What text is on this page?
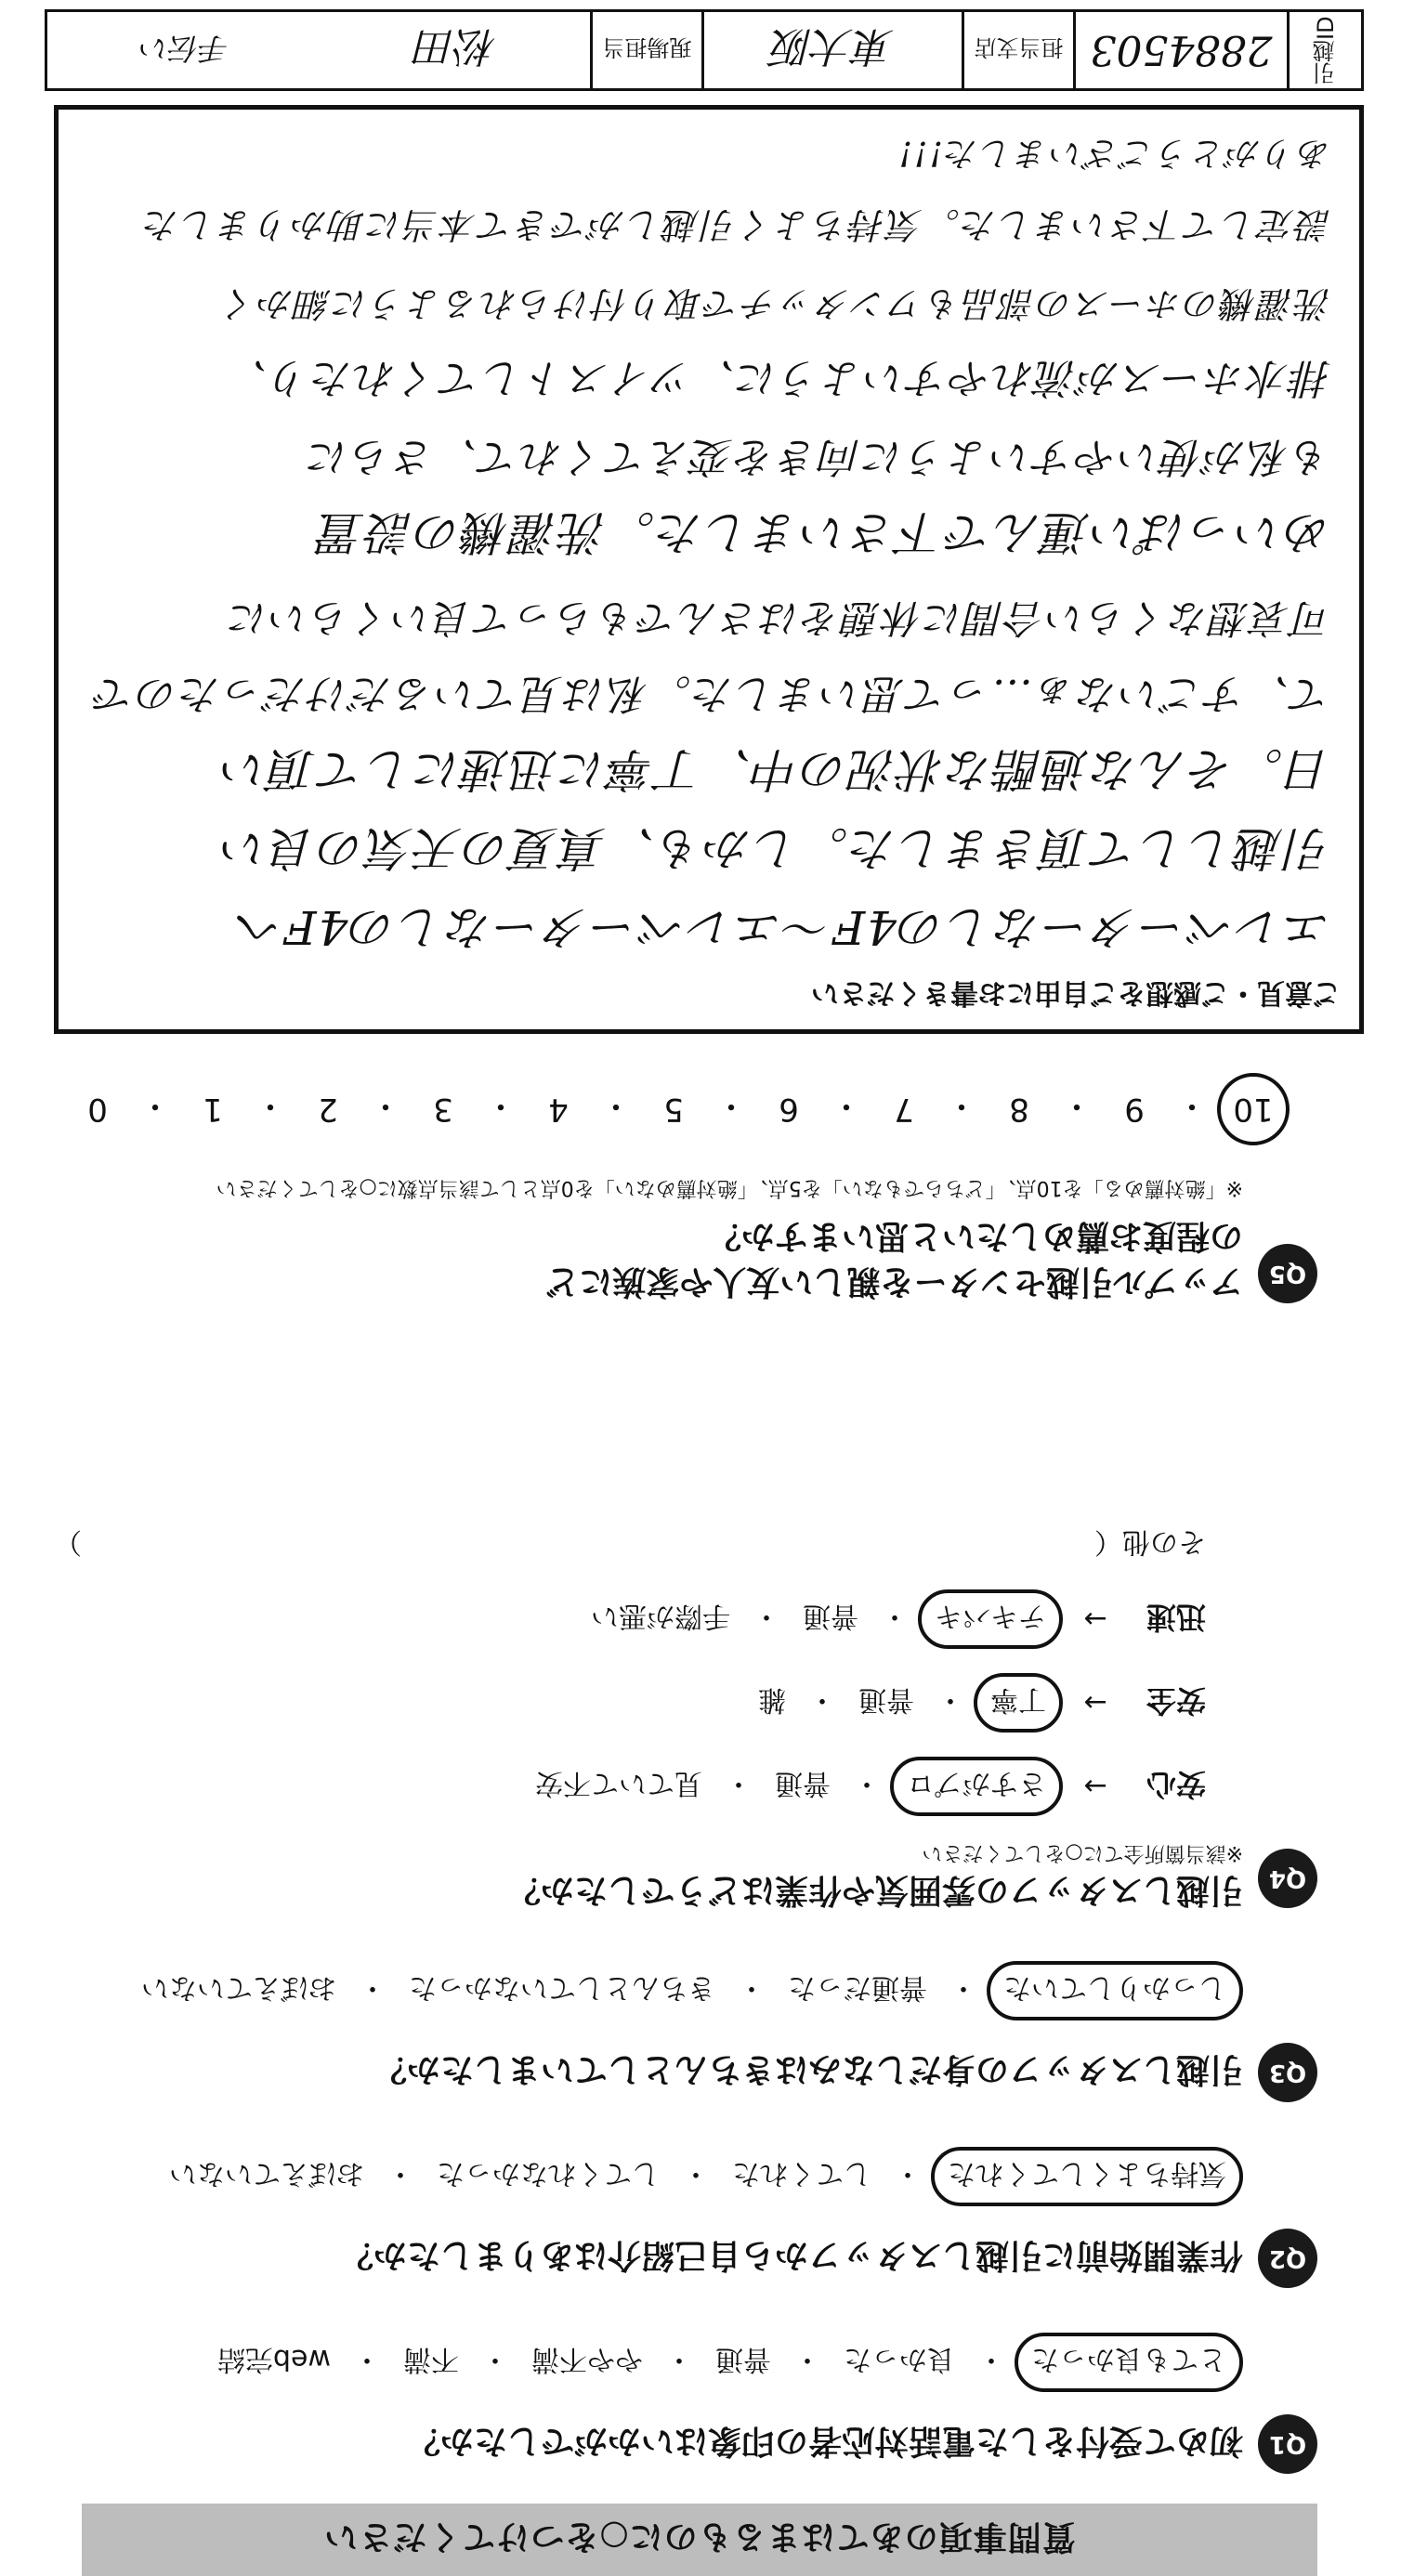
質問事項のあてはまるものに○をつけてください
Q1
初めて受付をした電話対応者の印象はいかがでしたか？
とても良かった
・
良かった
・
普通
・
やや不満
・
不満
・
web完結
Q2
作業開始前に引越しスタッフから自己紹介はありましたか？
気持ちよくしてくれた
・
してくれた
・
してくれなかった
・
おぼえていない
Q3
引越しスタッフの身だしなみはきちんとしていましたか？
しっかりしていた
・
普通だった
・
きちんとしていなかった
・
おぼえていない
Q4
引越しスタッフの雰囲気や作業はどうでしたか？
※該当箇所全てに○をしてください
安心
→
さすがプロ
・
普通
・
見ていて不安
安全
→
丁寧
・
普通
・
雑
迅速
→
テキパキ
・
普通
・
手際が悪い
その他（
）
Q5
アップル引越センターを親しい友人や家族にどの程度お薦めしたいと思いますか？
※「絶対薦める」を10点、「どちらでもない」を5点、「絶対薦めない」を0点として該当点数に○をしてください
10
・
9
・
8
・
7
・
6
・
5
・
4
・
3
・
2
・
1
・
0
ご意見・ご感想をご自由にお書きください
エレベーターなしの4F〜エレベーターなしの4Fへ
引越しして頂きました。しかも、真夏の天気の良い
日。そんな過酷な状況の中、丁寧に迅速にして頂い
て、すごいなぁ…って思いました。私は見ているだけだったので
可哀想なくらい合間に休憩をはさんでもらって良いくらいに
めいっぱい運んで下さいました。洗濯機の設置
も私が使いやすいように向きを変えてくれて、さらに
排水ホースが流れやすいように、ツイストしてくれたり、
洗濯機のホースの部品もワンタッチで取り付けられるように細かく
設定して下さいました。気持ちよく引越しができて本当に助かりました
ありがとうございました!!!
引越ID
2884503
担当支店
東大阪
現場担当
松田
手伝い
